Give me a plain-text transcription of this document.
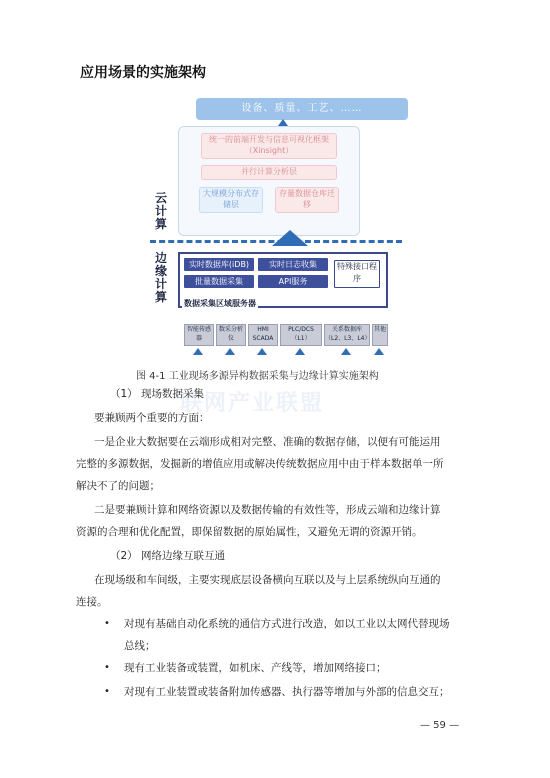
应用场景的实施架构
设备、质量、工艺、……
统一的前端开发与信息可视化框架
（Xinsight）
并行计算分析层
大规模分布式存储层
存量数据仓库迁移
云计算
边缘计算
实时数据库(iDB)	实时日志收集	特殊接口程序
批量数据采集	API服务
数据采集区域服务器
智能传感器
数采分析仪
HMI SCADA
PLC/DCS（L1）
关系数据库（L2、L3、L4）
其他
图 4-1 工业现场多源异构数据采集与边缘计算实施架构
联网产业联盟
（1） 现场数据采集
要兼顾两个重要的方面：
一是企业大数据要在云端形成相对完整、准确的数据存储，以便有可能运用
完整的多源数据，发掘新的增值应用或解决传统数据应用中由于样本数据单一所
解决不了的问题；
二是要兼顾计算和网络资源以及数据传输的有效性等，形成云端和边缘计算
资源的合理和优化配置，即保留数据的原始属性，又避免无谓的资源开销。
（2） 网络边缘互联互通
在现场级和车间级，主要实现底层设备横向互联以及与上层系统纵向互通的
连接。
• 对现有基础自动化系统的通信方式进行改造，如以工业以太网代替现场
总线；
• 现有工业装备或装置，如机床、产线等，增加网络接口；
• 对现有工业装置或装备附加传感器、执行器等增加与外部的信息交互；
— 59 —
